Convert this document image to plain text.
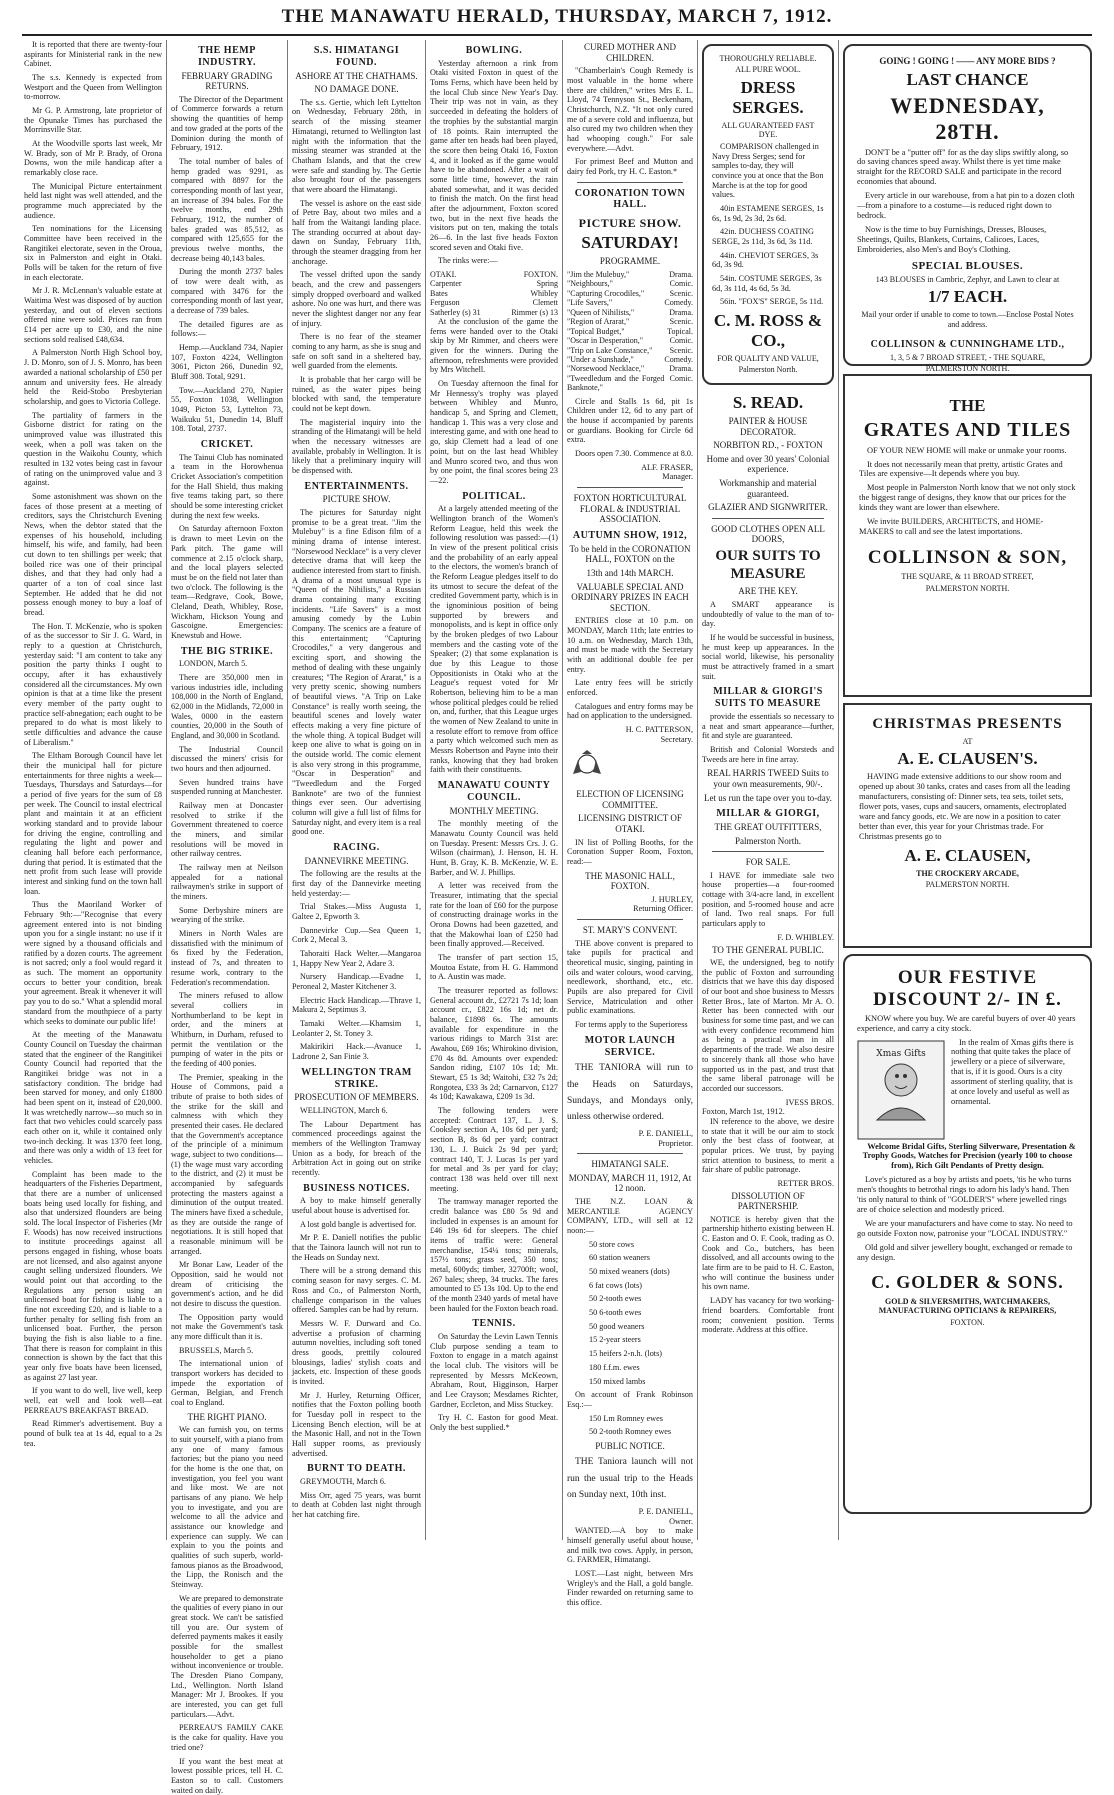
THE MANAWATU HERALD, THURSDAY, MARCH 7, 1912.

It is reported that there are twenty-four aspirants for Ministerial rank in the new Cabinet.

The s.s. Kennedy is expected from Westport and the Queen from Wellington to-morrow.

Mr G. P. Armstrong, late proprietor of the Opunake Times has purchased the Morrinsville Star.

At the Woodville sports last week, Mr W. Brady, son of Mr P. Brady, of Orona Downs, won the mile handicap after a remarkably close race.

The Municipal Picture entertainment held last night was well attended, and the programme much appreciated by the audience.

Ten nominations for the Licensing Committee have been received in the Rangitikei electorate, seven in the Oroua, six in Palmerston and eight in Otaki. Polls will be taken for the return of five in each electorate.

Mr J. R. McLennan's valuable estate at Waitima West was disposed of by auction yesterday, and out of eleven sections offered nine were sold. Prices ran from £14 per acre up to £30, and the nine sections sold realised £48,634.

A Palmerston North High School boy, J. D. Monro, son of J. S. Monro, has been awarded a national scholarship of £50 per annum and university fees. He already held the Reid-Stobo Presbyterian scholarship, and goes to Victoria College.

The partiality of farmers in the Gisborne district for rating on the unimproved value was illustrated this week, when a poll was taken on the question in the Waikohu County, which resulted in 132 votes being cast in favour of rating on the unimproved value and 3 against.

Some astonishment was shown on the faces of those present at a meeting of creditors, says the Christchurch Evening News, when the debtor stated that the expenses of his household, including himself, his wife, and family, had been cut down to ten shillings per week; that boiled rice was one of their principal dishes, and that they had only had a quarter of a ton of coal since last September. He added that he did not possess enough money to buy a loaf of bread.

The Hon. T. McKenzie, who is spoken of as the successor to Sir J. G. Ward, in reply to a question at Christchurch, yesterday said: "I am content to take any position the party thinks I ought to occupy, after it has exhaustively considered all the circumstances. My own opinion is that at a time like the present every member of the party ought to practice self-abnegation; each ought to be prepared to do what is most likely to settle difficulties and advance the cause of Liberalism."

The Eltham Borough Council have let their the municipal hall for picture entertainments for three nights a week—Tuesdays, Thursdays and Saturdays—for a period of five years for the sum of £8 per week. The Council to instal electrical plant and maintain it at an efficient working standard and to provide labour for driving the engine, controlling and regulating the light and power and cleaning hall before each performance, during that period. It is estimated that the nett profit from such lease will provide interest and sinking fund on the town hall loan.

Thus the Maoriland Worker of February 9th:—"Recognise that every agreement entered into is not binding upon you for a single instant: no use if it were signed by a thousand officials and ratified by a dozen courts. The agreement is not sacred; only a fool would regard it as such. The moment an opportunity occurs to better your condition, break your agreement. Break it whenever it will pay you to do so." What a splendid moral standard from the mouthpiece of a party which seeks to dominate our public life!

At the meeting of the Manawatu County Council on Tuesday the chairman stated that the engineer of the Rangitikei County Council had reported that the Rangitikei bridge was not in a satisfactory condition. The bridge had been starved for money, and only £1800 had been spent on it, instead of £20,000. It was wretchedly narrow—so much so in fact that two vehicles could scarcely pass each other on it, while it contained only two-inch decking. It was 1370 feet long, and there was only a width of 13 feet for vehicles.

Complaint has been made to the headquarters of the Fisheries Department, that there are a number of unlicensed boats being used locally for fishing, and also that undersized flounders are being sold. The local Inspector of Fisheries (Mr F. Woods) has now received instructions to institute proceedings against all persons engaged in fishing, whose boats are not licensed, and also against anyone caught selling undersized flounders. We would point out that according to the Regulations any person using an unlicensed boat for fishing is liable to a fine not exceeding £20, and is liable to a further penalty for selling fish from an unlicensed boat. Further, the person buying the fish is also liable to a fine. That there is reason for complaint in this connection is shown by the fact that this year only five boats have been licensed, as against 27 last year.

If you want to do well, live well, keep well, eat well and look well—eat PERREAU'S BREAKFAST BREAD.

Read Rimmer's advertisement. Buy a pound of bulk tea at 1s 4d, equal to a 2s tea.

THE HEMP INDUSTRY.
FEBRUARY GRADING RETURNS.

The Director of the Department of Commerce forwards a return showing the quantities of hemp and tow graded at the ports of the Dominion during the month of February, 1912.

The total number of bales of hemp graded was 9291, as compared with 8897 for the corresponding month of last year, an increase of 394 bales. For the twelve months, end 29th February, 1912, the number of bales graded was 85,512, as compared with 125,655 for the previous twelve months, the decrease being 40,143 bales.

During the month 2737 bales of tow were dealt with, as compared with 3476 for the corresponding month of last year, a decrease of 739 bales.

The detailed figures are as follows:—

Hemp.—Auckland 734, Napier 107, Foxton 4224, Wellington 3061, Picton 266, Dunedin 92, Bluff 308. Total, 9291.

Tow.—Auckland 270, Napier 55, Foxton 1038, Wellington 1049, Picton 53, Lyttelton 73, Waikuku 51, Dunedin 14, Bluff 108. Total, 2737.

CRICKET.

The Tainui Club has nominated a team in the Horowhenua Cricket Association's competition for the Hall Shield, thus making five teams taking part, so there should be some interesting cricket during the next few weeks.

On Saturday afternoon Foxton is drawn to meet Levin on the Park pitch. The game will commence at 2.15 o'clock sharp, and the local players selected must be on the field not later than two o'clock. The following is the team—Redgrave, Cook, Bowe, Cleland, Death, Whibley, Rose, Wickham, Hickson Young and Gascoigne. Emergencies: Knewstub and Howe.

THE BIG STRIKE.

LONDON, March 5.

There are 350,000 men in various industries idle, including 108,000 in the North of England, 62,000 in the Midlands, 72,000 in Wales, 0000 in the eastern counties, 20,000 in the South of England, and 30,000 in Scotland.

The Industrial Council discussed the miners' crisis for two hours and then adjourned.

Seven hundred trains have suspended running at Manchester.

Railway men at Doncaster resolved to strike if the Government threatened to coerce the miners, and similar resolutions will be moved in other railway centres.

The railway men at Neilson appealed for a national railwaymen's strike in support of the miners.

Some Derbyshire miners are wearying of the strike.

Miners in North Wales are dissatisfied with the minimum of 6s fixed by the Federation, instead of 7s, and threaten to resume work, contrary to the Federation's recommendation.

The miners refused to allow several colliers in Northumberland to be kept in order, and the miners at Whitburn, in Durham, refused to permit the ventilation or the pumping of water in the pits or the feeding of 400 ponies.

The Premier, speaking in the House of Commons, paid a tribute of praise to both sides of the strike for the skill and calmness with which they presented their cases. He declared that the Government's acceptance of the principle of a minimum wage, subject to two conditions—(1) the wage must vary according to the district, and (2) it must be accompanied by safeguards protecting the masters against a diminution of the output treated. The miners have fixed a schedule, as they are outside the range of negotiations. It is still hoped that a reasonable minimum will be arranged.

Mr Bonar Law, Leader of the Opposition, said he would not dream of criticising the government's action, and he did not desire to discuss the question.

The Opposition party would not make the Government's task any more difficult than it is.

BRUSSELS, March 5.

The international union of transport workers has decided to impede the exportation of German, Belgian, and French coal to England.

THE RIGHT PIANO.

We can furnish you, on terms to suit yourself, with a piano from any one of many famous factories; but the piano you need for the home is the one that, on investigation, you feel you want and like most. We are not partisans of any piano. We help you to investigate, and you are welcome to all the advice and assistance our knowledge and experience can supply. We can explain to you the points and qualities of such superb, world-famous pianos as the Broadwood, the Lipp, the Ronisch and the Steinway.

We are prepared to demonstrate the qualities of every piano in our great stock. We can't be satisfied till you are. Our system of deferred payments makes it easily possible for the smallest householder to get a piano without inconvenience or trouble. The Dresden Piano Company, Ltd., Wellington. North Island Manager: Mr J. Brookes. If you are interested, you can get full particulars.—Advt.

PERREAU'S FAMILY CAKE is the cake for quality. Have you tried one?

If you want the best meat at lowest possible prices, tell H. C. Easton so to call. Customers waited on daily.

S.S. HIMATANGI FOUND.
ASHORE AT THE CHATHAMS.
NO DAMAGE DONE.

The s.s. Gertie, which left Lyttelton on Wednesday, February 28th, in search of the missing steamer Himatangi, returned to Wellington last night with the information that the missing steamer was stranded at the Chatham Islands, and that the crew were safe and standing by. The Gertie also brought four of the passengers that were aboard the Himatangi.

The vessel is ashore on the east side of Petre Bay, about two miles and a half from the Waitangi landing place. The stranding occurred at about day-dawn on Sunday, February 11th, through the steamer dragging from her anchorage.

The vessel drifted upon the sandy beach, and the crew and passengers simply dropped overboard and walked ashore. No one was hurt, and there was never the slightest danger nor any fear of injury.

There is no fear of the steamer coming to any harm, as she is snug and safe on soft sand in a sheltered bay, well guarded from the elements.

It is probable that her cargo will be ruined, as the water pipes being blocked with sand, the temperature could not be kept down.

The magisterial inquiry into the stranding of the Himatangi will be held when the necessary witnesses are available, probably in Wellington. It is likely that a preliminary inquiry will be dispensed with.

ENTERTAINMENTS.
PICTURE SHOW.

The pictures for Saturday night promise to be a great treat. "Jim the Mulebuy" is a fine Edison film of a mining drama of intense interest. "Norsewood Necklace" is a very clever detective drama that will keep the audience interested from start to finish. A drama of a most unusual type is "Queen of the Nihilists," a Russian drama containing many exciting incidents. "Life Savers" is a most amusing comedy by the Lubin Company. The scenics are a feature of this entertainment; "Capturing Crocodiles," a very dangerous and exciting sport, and showing the method of dealing with these ungainly creatures; "The Region of Ararat," is a very pretty scenic, showing numbers of beautiful views. "A Trip on Lake Constance" is really worth seeing, the beautiful scenes and lovely water effects making a very fine picture of the whole thing. A topical Budget will keep one alive to what is going on in the outside world. The comic element is also very strong in this programme, "Oscar in Desperation" and "Tweedledum and the Forged Banknote" are two of the funniest things ever seen. Our advertising column will give a full list of films for Saturday night, and every item is a real good one.

RACING.
DANNEVIRKE MEETING.

The following are the results at the first day of the Dannevirke meeting held yesterday:—

Trial Stakes.—Miss Augusta 1, Galtee 2, Epworth 3.

Dannevirke Cup.—Sea Queen 1, Cork 2, Mecal 3.

Tahoraiti Hack Welter.—Mangaroa 1, Happy New Year 2, Adare 3.

Nursery Handicap.—Evadne 1, Peroneal 2, Master Kitchener 3.

Electric Hack Handicap.—Thrave 1, Makura 2, Septimus 3.

Tamaki Welter.—Khamsim 1, Leolanter 2, St. Toney 3.

Makirikiri Hack.—Avanuce 1, Ladrone 2, San Finie 3.

WELLINGTON TRAM STRIKE.
PROSECUTION OF MEMBERS.

WELLINGTON, March 6.

The Labour Department has commenced proceedings against the members of the Wellington Tramway Union as a body, for breach of the Arbitration Act in going out on strike recently.

BUSINESS NOTICES.

A boy to make himself generally useful about house is advertised for.

A lost gold bangle is advertised for.

Mr P. E. Daniell notifies the public that the Tainora launch will not run to the Heads on Sunday next.

There will be a strong demand this coming season for navy serges. C. M. Ross and Co., of Palmerston North, challenge comparison in the values offered. Samples can be had by return.

Messrs W. F. Durward and Co. advertise a profusion of charming autumn novelties, including soft toned dress goods, prettily coloured blousings, ladies' stylish coats and jackets, etc. Inspection of these goods is invited.

Mr J. Hurley, Returning Officer, notifies that the Foxton polling booth for Tuesday poll in respect to the Licensing Bench election, will be at the Masonic Hall, and not in the Town Hall supper rooms, as previously advertised.

BURNT TO DEATH.

GREYMOUTH, March 6.

Miss Orr, aged 75 years, was burnt to death at Cobden last night through her hat catching fire.

BOWLING.

Yesterday afternoon a rink from Otaki visited Foxton in quest of the Toms Ferns, which have been held by the local Club since New Year's Day. Their trip was not in vain, as they succeeded in defeating the holders of the trophies by the substantial margin of 18 points. Rain interrupted the game after ten heads had been played, the score then being Otaki 16, Foxton 4, and it looked as if the game would have to be abandoned. After a wait of some little time, however, the rain abated somewhat, and it was decided to finish the match. On the first head after the adjournment, Foxton scored two, but in the next five heads the visitors put on ten, making the totals 26—6. In the last five heads Foxton scored seven and Otaki five.

The rinks were:—

OTAKI.	FOXTON.
Carpenter	Spring
Bates	Whibley
Ferguson	Clemett
Satherley (s) 31	Rimmer (s) 13

At the conclusion of the game the ferns were handed over to the Otaki skip by Mr Rimmer, and cheers were given for the winners. During the afternoon, refreshments were provided by Mrs Witchell.

On Tuesday afternoon the final for Mr Hennessy's trophy was played between Whibley and Munro, handicap 5, and Spring and Clemett, handicap 1. This was a very close and interesting game, and with one head to go, skip Clemett had a lead of one point, but on the last head Whibley and Munro scored two, and thus won by one point, the final scores being 23—22.

POLITICAL.

At a largely attended meeting of the Wellington branch of the Women's Reform League, held this week the following resolution was passed:—(1) In view of the present political crisis and the probability of an early appeal to the electors, the women's branch of the Reform League pledges itself to do its utmost to secure the defeat of the credited Government party, which is in the ignominious position of being supported by brewers and monopolists, and is kept in office only by the broken pledges of two Labour members and the casting vote of the Speaker; (2) that some explanation is due by this League to those Oppositionists in Otaki who at the League's request voted for Mr Robertson, believing him to be a man whose political pledges could be relied on, and, further, that this League urges the women of New Zealand to unite in a resolute effort to remove from office a party which welcomed such men as Messrs Robertson and Payne into their ranks, knowing that they had broken faith with their constituents.

MANAWATU COUNTY COUNCIL.
MONTHLY MEETING.

The monthly meeting of the Manawatu County Council was held on Tuesday. Present: Messrs Crs. J. G. Wilson (chairman), J. Henson, H. H. Hunt, B. Gray, K. B. McKenzie, W. E. Barber, and W. J. Phillips.

A letter was received from the Treasurer, intimating that the special rate for the loan of £60 for the purpose of constructing drainage works in the Orona Downs had been gazetted, and that the Makowhai loan of £250 had been finally approved.—Received.

The transfer of part section 15, Moutoa Estate, from H. G. Hammond to A. Austin was made.

The treasurer reported as follows: General account dr., £2721 7s 1d; loan account cr., £822 16s 1d; net dr. balance, £1898 6s. The amounts available for expenditure in the various ridings to March 31st are: Awahou, £69 16s; Whirokino division, £70 4s 8d. Amounts over expended: Sandon riding, £107 10s 1d; Mt. Stewart, £5 1s 3d; Waitohi, £32 7s 2d; Rongotea, £33 3s 2d; Carnarvon, £127 4s 10d; Kawakawa, £209 1s 3d.

The following tenders were accepted: Contract 137, L. J. S. Cooksley section A, 10s 6d per yard; section B, 8s 6d per yard; contract 130, L. J. Buick 2s 9d per yard; contract 140, T. J. Lucas 1s per yard for metal and 3s per yard for clay; contract 138 was held over till next meeting.

The tramway manager reported the credit balance was £80 5s 9d and included in expenses is an amount for £46 19s 6d for sleepers. The chief items of traffic were: General merchandise, 154¼ tons; minerals, 157½ tons; grass seed, 350 tons; metal, 600yds; timber, 32700ft; wool, 267 bales; sheep, 34 trucks. The fares amounted to £5 13s 10d. Up to the end of the month 2340 yards of metal have been hauled for the Foxton beach road.

TENNIS.

On Saturday the Levin Lawn Tennis Club purpose sending a team to Foxton to engage in a match against the local club. The visitors will be represented by Messrs McKeown, Abraham, Rout, Higginson, Harper and Lee Crayson; Mesdames Richter, Gardner, Eccleton, and Miss Stuckey.

Try H. C. Easton for good Meat. Only the best supplied.*

CURED MOTHER AND CHILDREN.

"Chamberlain's Cough Remedy is most valuable in the home where there are children," writes Mrs E. L. Lloyd, 74 Tennyson St., Beckenham, Christchurch, N.Z. "It not only cured me of a severe cold and influenza, but also cured my two children when they had whooping cough." For sale everywhere.—Advt.

For primest Beef and Mutton and dairy fed Pork, try H. C. Easton.*

CORONATION TOWN HALL.
PICTURE SHOW.
SATURDAY!
PROGRAMME.
"Jim the Mulebuy,"	Drama.
"Neighbours,"	Comic.
"Capturing Crocodiles,"	Scenic.
"Life Savers,"	Comedy.
"Queen of Nihilists,"	Drama.
"Region of Ararat,"	Scenic.
"Topical Budget,"	Topical.
"Oscar in Desperation,"	Comic.
"Trip on Lake Constance,"	Scenic.
"Under a Sunshade,"	Comedy.
"Norsewood Necklace,"	Drama.
"Tweedledum and the Forged Banknote,"	Comic.

Circle and Stalls 1s 6d, pit 1s Children under 12, 6d to any part of the house if accompanied by parents or guardians. Booking for Circle 6d extra.

Doors open 7.30. Commence at 8.0.

ALF. FRASER,
Manager.
FOXTON HORTICULTURAL FLORAL & INDUSTRIAL ASSOCIATION.
AUTUMN SHOW, 1912,
To be held in the CORONATION HALL, FOXTON on the
13th and 14th MARCH.
VALUABLE SPECIAL AND ORDINARY PRIZES IN EACH SECTION.

ENTRIES close at 10 p.m. on MONDAY, March 11th; late entries to 10 a.m. on Wednesday, March 13th, and must be made with the Secretary with an additional double fee per entry.

Late entry fees will be strictly enforced.

Catalogues and entry forms may be had on application to the undersigned.

H. C. PATTERSON,
Secretary.
ELECTION OF LICENSING COMMITTEE.
LICENSING DISTRICT OF OTAKI.

IN list of Polling Booths, for the Coronation Supper Room, Foxton, read:—

THE MASONIC HALL, FOXTON.
J. HURLEY,
Returning Officer.
ST. MARY'S CONVENT.

THE above convent is prepared to take pupils for practical and theoretical music, singing, painting in oils and water colours, wood carving, needlework, shorthand, etc., etc. Pupils are also prepared for Civil Service, Matriculation and other public examinations.

For terms apply to the Superioress

MOTOR LAUNCH SERVICE.

THE TANIORA will run to the Heads on Saturdays, Sundays, and Mondays only, unless otherwise ordered.

P. E. DANIELL,
Proprietor.
HIMATANGI SALE.
MONDAY, MARCH 11, 1912, At 12 noon.

THE N.Z. LOAN & MERCANTILE AGENCY COMPANY, LTD., will sell at 12 noon:—

50 store cows

60 station weaners

50 mixed weaners (dots)

6 fat cows (lots)

50 2-tooth ewes

50 6-tooth ewes

50 good weaners

15 2-year steers

15 heifers 2-n.h. (lots)

180 f.f.m. ewes

150 mixed lambs

On account of Frank Robinson Esq.:—

150 Lm Romney ewes

50 2-tooth Romney ewes

PUBLIC NOTICE.

THE Taniora launch will not run the usual trip to the Heads on Sunday next, 10th inst.

P. E. DANIELL,
Owner.

WANTED.—A boy to make himself generally useful about house, and milk two cows. Apply, in person, G. FARMER, Himatangi.

LOST.—Last night, between Mrs Wrigley's and the Hall, a gold bangle. Finder rewarded on returning same to this office.

THOROUGHLY RELIABLE.
ALL PURE WOOL.
DRESS SERGES.
ALL GUARANTEED FAST DYE.

COMPARISON challenged in Navy Dress Serges; send for samples to-day, they will convince you at once that the Bon Marche is at the top for good values.

40in ESTAMENE SERGES, 1s 6s, 1s 9d, 2s 3d, 2s 6d.

42in. DUCHESS COATING SERGE, 2s 11d, 3s 6d, 3s 11d.

44in. CHEVIOT SERGES, 3s 6d, 3s 9d.

54in. COSTUME SERGES, 3s 6d, 3s 11d, 4s 6d, 5s 3d.

56in. "FOX'S" SERGE, 5s 11d.

C. M. ROSS & CO.,
FOR QUALITY AND VALUE,
Palmerston North.
S. READ.
PAINTER & HOUSE DECORATOR.
NORBITON RD., - FOXTON
Home and over 30 years' Colonial experience.
Workmanship and material guaranteed.
GLAZIER AND SIGNWRITER.
GOOD CLOTHES OPEN ALL DOORS,
OUR SUITS TO MEASURE
ARE THE KEY.

A SMART appearance is undoubtedly of value to the man of to-day.

If he would be successful in business, he must keep up appearances. In the social world, likewise, his personality must be attractively framed in a smart suit.

MILLAR & GIORGI'S SUITS TO MEASURE

provide the essentials so necessary to a neat and smart appearance—further, fit and style are guaranteed.

British and Colonial Worsteds and Tweeds are here in fine array.

REAL HARRIS TWEED Suits to your own measurements, 90/-.
Let us run the tape over you to-day.
MILLAR & GIORGI,
THE GREAT OUTFITTERS,
Palmerston North.
FOR SALE.

I HAVE for immediate sale two house properties—a four-roomed cottage with 3/4-acre land, in excellent position, and 5-roomed house and acre of land. Two real snaps. For full particulars apply to

F. D. WHIBLEY.
TO THE GENERAL PUBLIC.

WE, the undersigned, beg to notify the public of Foxton and surrounding districts that we have this day disposed of our boot and shoe business to Messrs Retter Bros., late of Marton. Mr A. O. Retter has been connected with our business for some time past, and we can with every confidence recommend him as being a practical man in all departments of the trade. We also desire to sincerely thank all those who have supported us in the past, and trust that the same liberal patronage will be accorded our successors.

IVESS BROS.
Foxton, March 1st, 1912.

IN reference to the above, we desire to state that it will be our aim to stock only the best class of footwear, at popular prices. We trust, by paying strict attention to business, to merit a fair share of public patronage.

RETTER BROS.
DISSOLUTION OF PARTNERSHIP.

NOTICE is hereby given that the partnership hitherto existing between H. C. Easton and O. F. Cook, trading as O. Cook and Co., butchers, has been dissolved, and all accounts owing to the late firm are to be paid to H. C. Easton, who will continue the business under his own name.

LADY has vacancy for two working-friend boarders. Comfortable front room; convenient position. Terms moderate. Address at this office.

GOING ! GOING ! —— ANY MORE BIDS ?
LAST CHANCE
WEDNESDAY, 28TH.

DON'T be a "putter off" for as the day slips swiftly along, so do saving chances speed away. Whilst there is yet time make straight for the RECORD SALE and participate in the record economies that abound.

Every article in our warehouse, from a hat pin to a dozen cloth—from a pinafore to a costume—is reduced right down to bedrock.

Now is the time to buy Furnishings, Dresses, Blouses, Sheetings, Quilts, Blankets, Curtains, Calicoes, Laces, Embroideries, also Men's and Boy's Clothing.

SPECIAL BLOUSES.
143 BLOUSES in Cambric, Zephyr, and Lawn to clear at
1/7 EACH.
Mail your order if unable to come to town.—Enclose Postal Notes and address.
COLLINSON & CUNNINGHAME LTD.,
1, 3, 5 & 7 BROAD STREET, - THE SQUARE,
PALMERSTON NORTH.
THE
GRATES AND TILES

OF YOUR NEW HOME will make or unmake your rooms.

It does not necessarily mean that pretty, artistic Grates and Tiles are expensive—It depends where you buy.

Most people in Palmerston North know that we not only stock the biggest range of designs, they know that our prices for the kinds they want are lower than elsewhere.

We invite BUILDERS, ARCHITECTS, and HOME-MAKERS to call and see the latest importations.

COLLINSON & SON,
THE SQUARE, & 11 BROAD STREET,
PALMERSTON NORTH.
CHRISTMAS PRESENTS
AT
A. E. CLAUSEN'S.

HAVING made extensive additions to our show room and opened up about 30 tanks, crates and cases from all the leading manufacturers, consisting of: Dinner sets, tea sets, toilet sets, flower pots, vases, cups and saucers, ornaments, electroplated ware and fancy goods, etc. We are now in a position to cater better than ever, this year for your Christmas trade. For Christmas presents go to

A. E. CLAUSEN,
THE CROCKERY ARCADE,
PALMERSTON NORTH.
OUR FESTIVE DISCOUNT 2/- IN £.

KNOW where you buy. We are careful buyers of over 40 years experience, and carry a city stock.

Xmas Gifts

In the realm of Xmas gifts there is nothing that quite takes the place of jewellery or a piece of silverware, that is, if it is good. Ours is a city assortment of sterling quality, that is at once lovely and useful as well as ornamental.

Welcome Bridal Gifts, Sterling Silverware, Presentation & Trophy Goods, Watches for Precision (yearly 100 to choose from), Rich Gilt Pendants of Pretty design.

Love's pictured as a boy by artists and poets, 'tis he who turns men's thoughts to betrothal rings to adorn his lady's hand. Then 'tis only natural to think of "GOLDER'S" where jewelled rings are of choice selection and modestly priced.

We are your manufacturers and have come to stay. No need to go outside Foxton now, patronise your "LOCAL INDUSTRY."

Old gold and silver jewellery bought, exchanged or remade to any design.

C. GOLDER & SONS.
GOLD & SILVERSMITHS, WATCHMAKERS, MANUFACTURING OPTICIANS & REPAIRERS,
FOXTON.
